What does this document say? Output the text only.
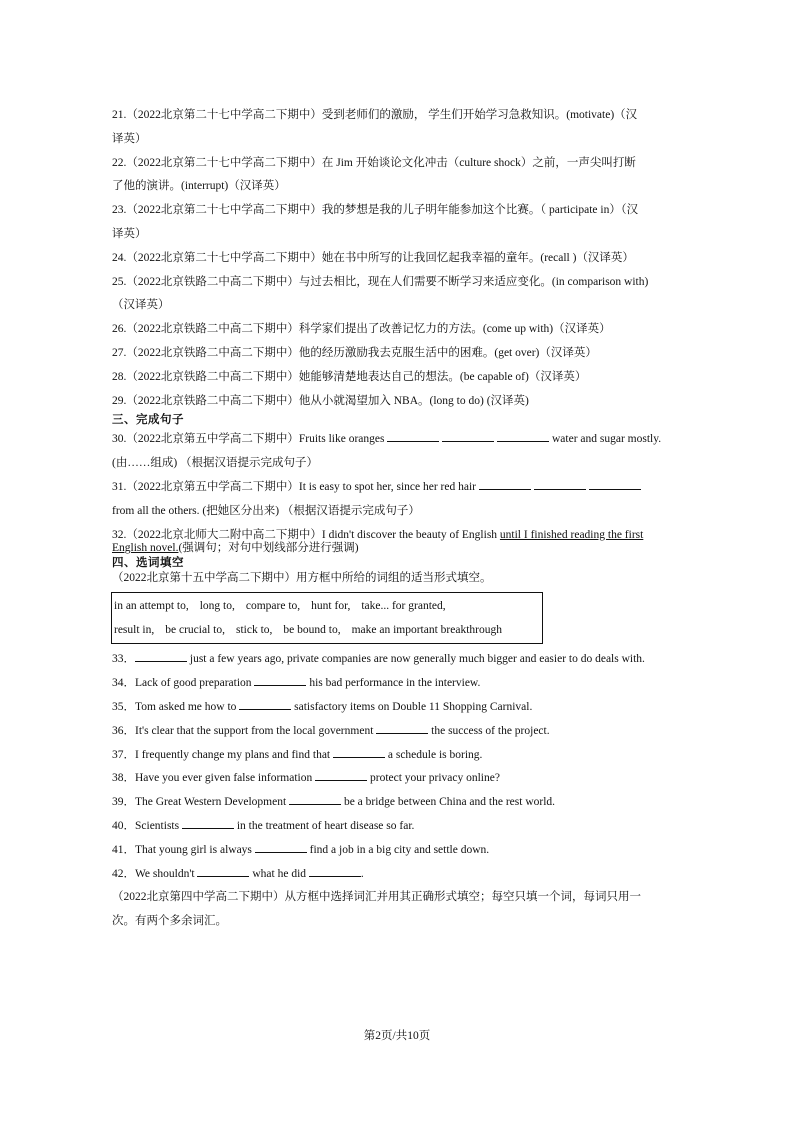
21.（2022北京第二十七中学高二下期中）受到老师们的激励， 学生们开始学习急救知识。(motivate)（汉
译英）

22.（2022北京第二十七中学高二下期中）在 Jim 开始谈论文化冲击（culture shock）之前，一声尖叫打断
了他的演讲。(interrupt)（汉译英）

23.（2022北京第二十七中学高二下期中）我的梦想是我的儿子明年能参加这个比赛。（ participate in）（汉
译英）

24.（2022北京第二十七中学高二下期中）她在书中所写的让我回忆起我幸福的童年。(recall )（汉译英）

25.（2022北京铁路二中高二下期中）与过去相比，现在人们需要不断学习来适应变化。(in comparison with)
（汉译英）

26.（2022北京铁路二中高二下期中）科学家们提出了改善记忆力的方法。(come up with)（汉译英）

27.（2022北京铁路二中高二下期中）他的经历激励我去克服生活中的困难。(get over)（汉译英）

28.（2022北京铁路二中高二下期中）她能够清楚地表达自己的想法。(be capable of)（汉译英）

29.（2022北京铁路二中高二下期中）他从小就渴望加入 NBA。(long to do) (汉译英)

三、完成句子

30.（2022北京第五中学高二下期中）Fruits like oranges	water and sugar mostly.
(由……组成) （根据汉语提示完成句子）

31.（2022北京第五中学高二下期中）It is easy to spot her, since her red hair
from all the others. (把她区分出来) （根据汉语提示完成句子）

32.（2022北京北师大二附中高二下期中）I didn't discover the beauty of English until I finished reading the first

English novel.(强调句；对句中划线部分进行强调)

四、选词填空

（2022北京第十五中学高二下期中）用方框中所给的词组的适当形式填空。

in an attempt to, long to, compare to, hunt for, take... for granted,
result in, be crucial to, stick to, be bound to, make an important breakthrough

33．	just a few years ago, private companies are now generally much bigger and easier to do deals with.

34．Lack of good preparation	his bad performance in the interview.

35．Tom asked me how to	satisfactory items on Double 11 Shopping Carnival.

36．It's clear that the support from the local government	the success of the project.

37．I frequently change my plans and find that	a schedule is boring.

38．Have you ever given false information	protect your privacy online?

39．The Great Western Development	be a bridge between China and the rest world.

40．Scientists	in the treatment of heart disease so far.

41．That young girl is always	find a job in a big city and settle down.

42．We shouldn't	what he did	.

（2022北京第四中学高二下期中）从方框中选择词汇并用其正确形式填空；每空只填一个词，每词只用一
次。有两个多余词汇。

第2页/共10页
